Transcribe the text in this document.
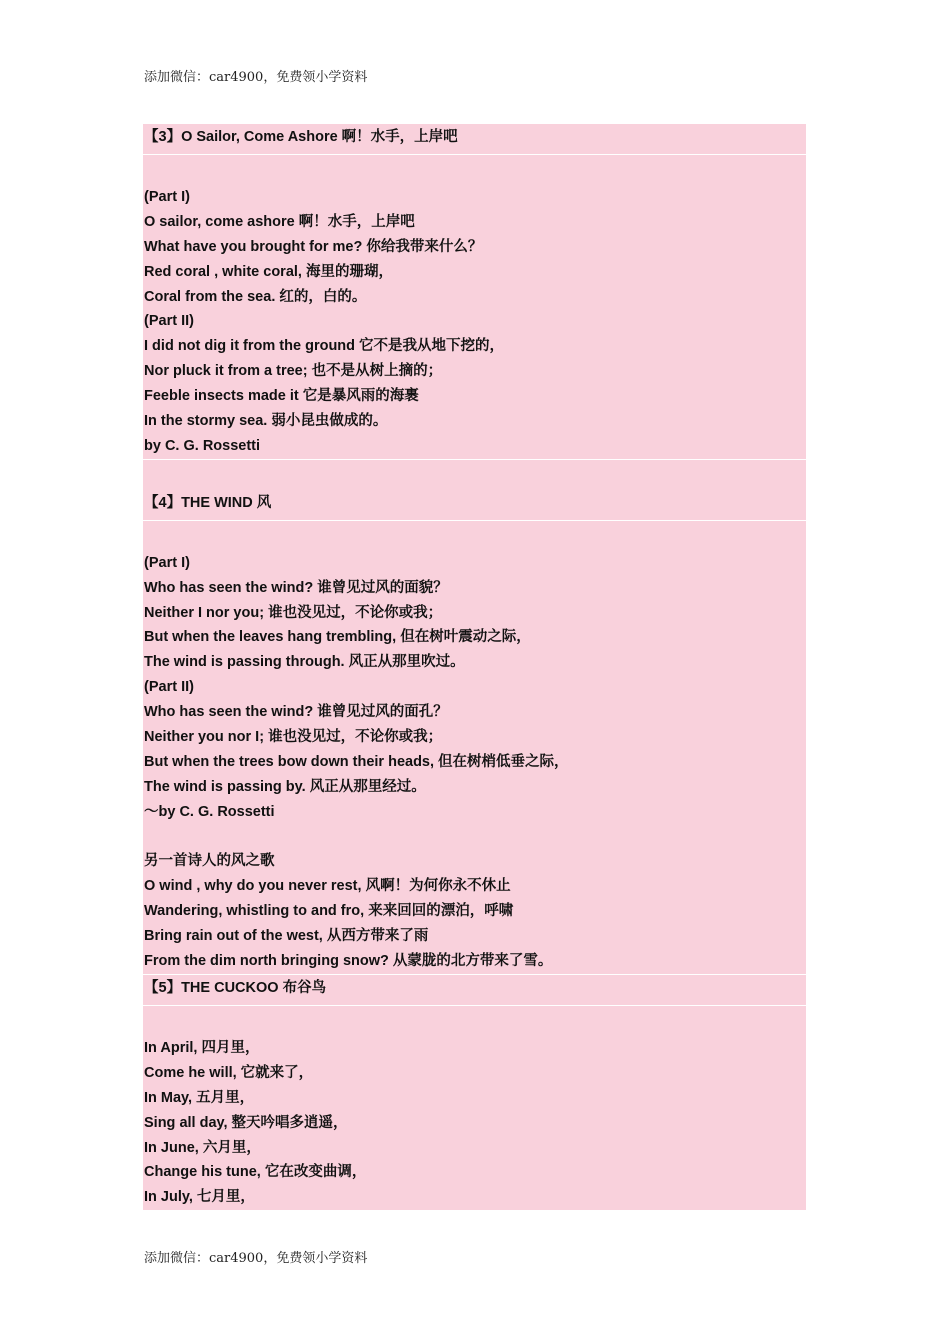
添加微信：car4900，免费领小学资料
【3】O Sailor, Come Ashore 啊！水手，上岸吧
(Part I)
O sailor, come ashore 啊！水手，上岸吧
What have you brought for me? 你给我带来什么？
Red coral , white coral, 海里的珊瑚，
Coral from the sea. 红的，白的。
(Part II)
I did not dig it from the ground 它不是我从地下挖的，
Nor pluck it from a tree; 也不是从树上摘的；
Feeble insects made it 它是暴风雨的海裹
In the stormy sea. 弱小昆虫做成的。
by C. G. Rossetti
【4】THE WIND 风
(Part I)
Who has seen the wind? 谁曾见过风的面貌？
Neither I nor you; 谁也没见过，不论你或我；
But when the leaves hang trembling, 但在树叶震动之际，
The wind is passing through. 风正从那里吹过。
(Part II)
Who has seen the wind? 谁曾见过风的面孔？
Neither you nor I; 谁也没见过，不论你或我；
But when the trees bow down their heads, 但在树梢低垂之际，
The wind is passing by. 风正从那里经过。
～by C. G. Rossetti
另一首诗人的风之歌
O wind , why do you never rest, 风啊！为何你永不休止
Wandering, whistling to and fro, 来来回回的漂泊，呼啸
Bring rain out of the west, 从西方带来了雨
From the dim north bringing snow? 从蒙胧的北方带来了雪。
【5】THE CUCKOO 布谷鸟
In April, 四月里，
Come he will, 它就来了，
In May, 五月里，
Sing all day, 整天吟唱多逍遥，
In June, 六月里，
Change his tune, 它在改变曲调，
In July, 七月里，
添加微信：car4900，免费领小学资料
